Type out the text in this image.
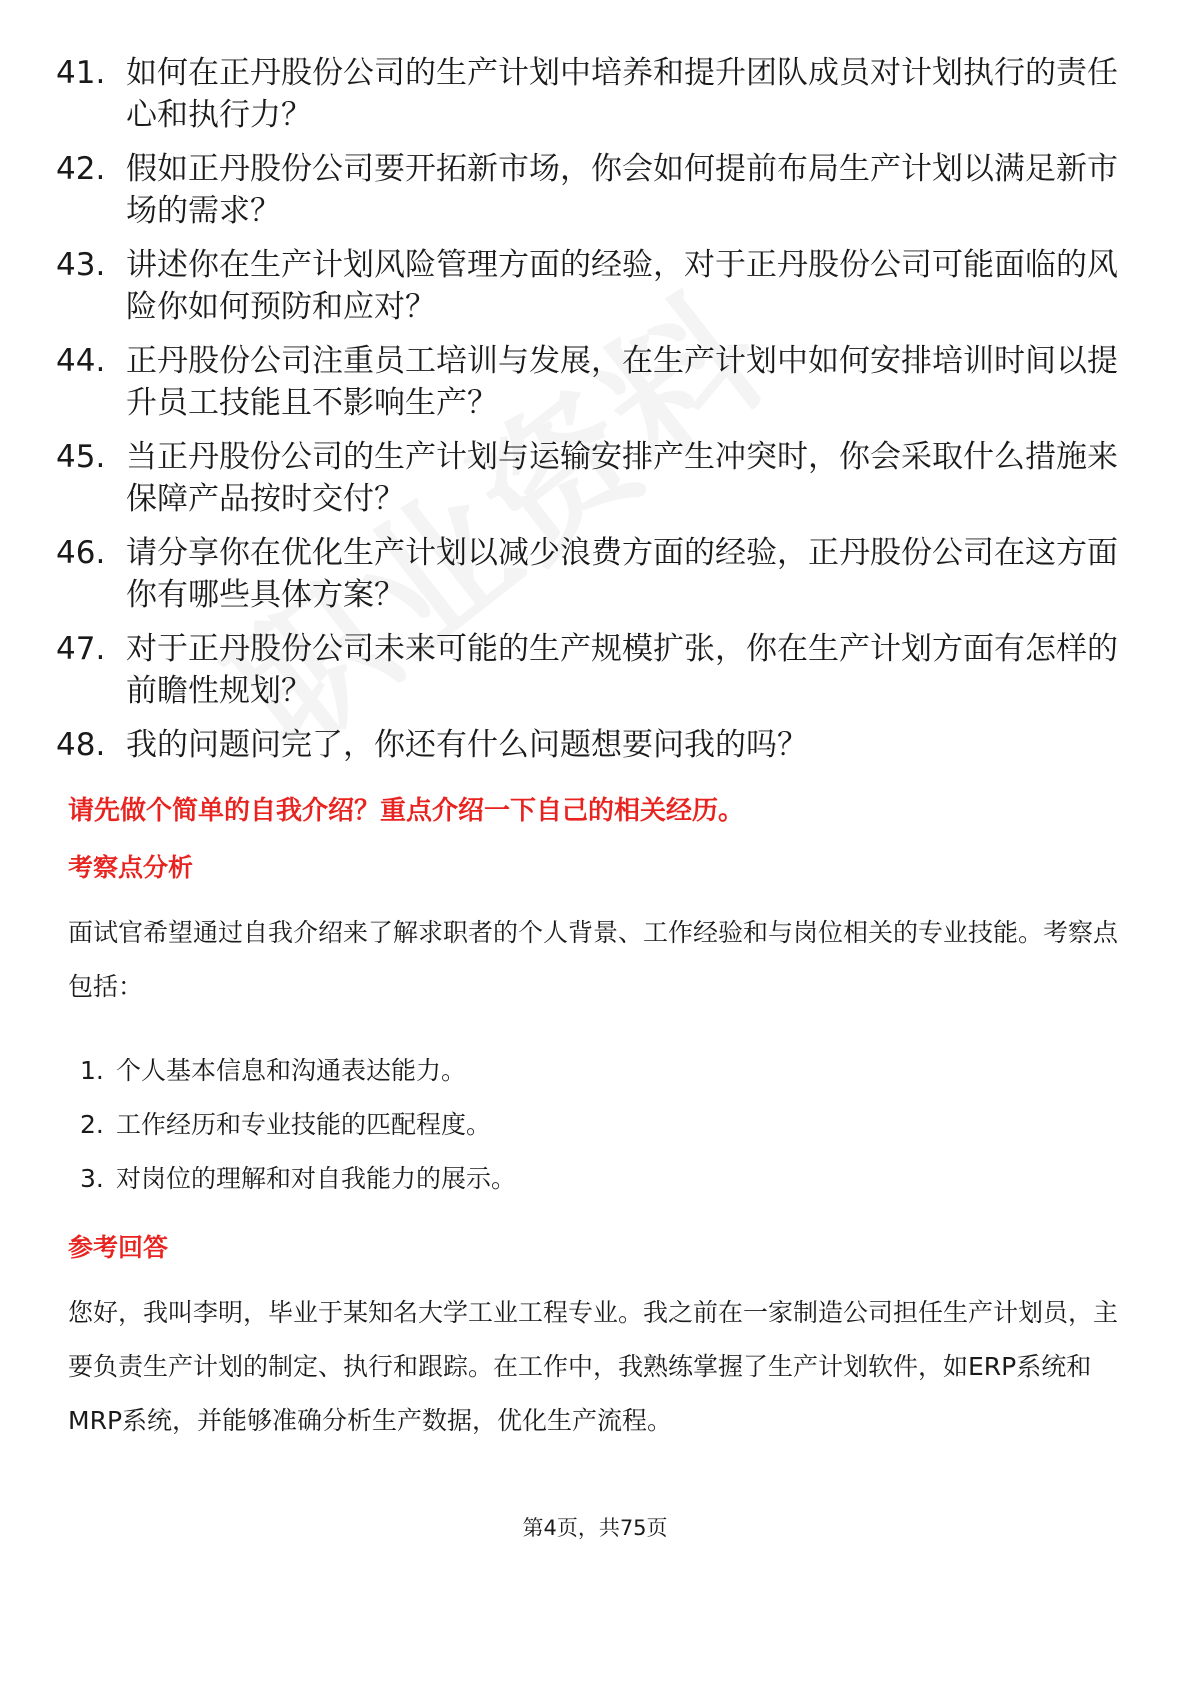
41. 如何在正丹股份公司的生产计划中培养和提升团队成员对计划执行的责任心和执行力？
42. 假如正丹股份公司要开拓新市场，你会如何提前布局生产计划以满足新市场的需求？
43. 讲述你在生产计划风险管理方面的经验，对于正丹股份公司可能面临的风险你如何预防和应对？
44. 正丹股份公司注重员工培训与发展，在生产计划中如何安排培训时间以提升员工技能且不影响生产？
45. 当正丹股份公司的生产计划与运输安排产生冲突时，你会采取什么措施来保障产品按时交付？
46. 请分享你在优化生产计划以减少浪费方面的经验，正丹股份公司在这方面你有哪些具体方案？
47. 对于正丹股份公司未来可能的生产规模扩张，你在生产计划方面有怎样的前瞻性规划？
48. 我的问题问完了，你还有什么问题想要问我的吗？
请先做个简单的自我介绍？重点介绍一下自己的相关经历。
考察点分析
面试官希望通过自我介绍来了解求职者的个人背景、工作经验和与岗位相关的专业技能。考察点包括：
1. 个人基本信息和沟通表达能力。
2. 工作经历和专业技能的匹配程度。
3. 对岗位的理解和对自我能力的展示。
参考回答
您好，我叫李明，毕业于某知名大学工业工程专业。我之前在一家制造公司担任生产计划员，主要负责生产计划的制定、执行和跟踪。在工作中，我熟练掌握了生产计划软件，如ERP系统和MRP系统，并能够准确分析生产数据，优化生产流程。
第4页，共75页
